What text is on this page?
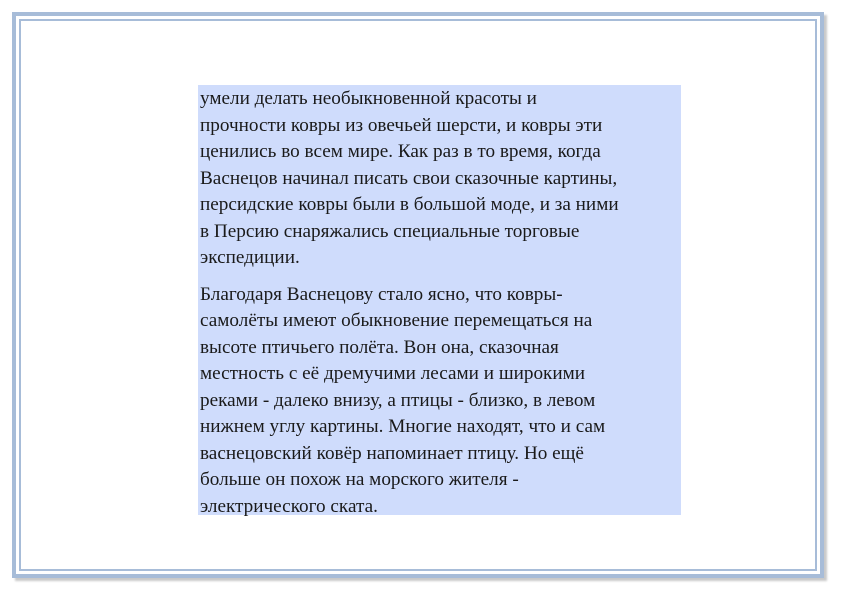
умели делать необыкновенной красоты и
прочности ковры из овечьей шерсти, и ковры эти
ценились во всем мире. Как раз в то время, когда
Васнецов начинал писать свои сказочные картины,
персидские ковры были в большой моде, и за ними
в Персию снаряжались специальные торговые
экспедиции.

Благодаря Васнецову стало ясно, что ковры-
самолёты имеют обыкновение перемещаться на
высоте птичьего полёта. Вон она, сказочная
местность с её дремучими лесами и широкими
реками - далеко внизу, а птицы - близко, в левом
нижнем углу картины. Многие находят, что и сам
васнецовский ковёр напоминает птицу. Но ещё
больше он похож на морского жителя -
электрического ската.
